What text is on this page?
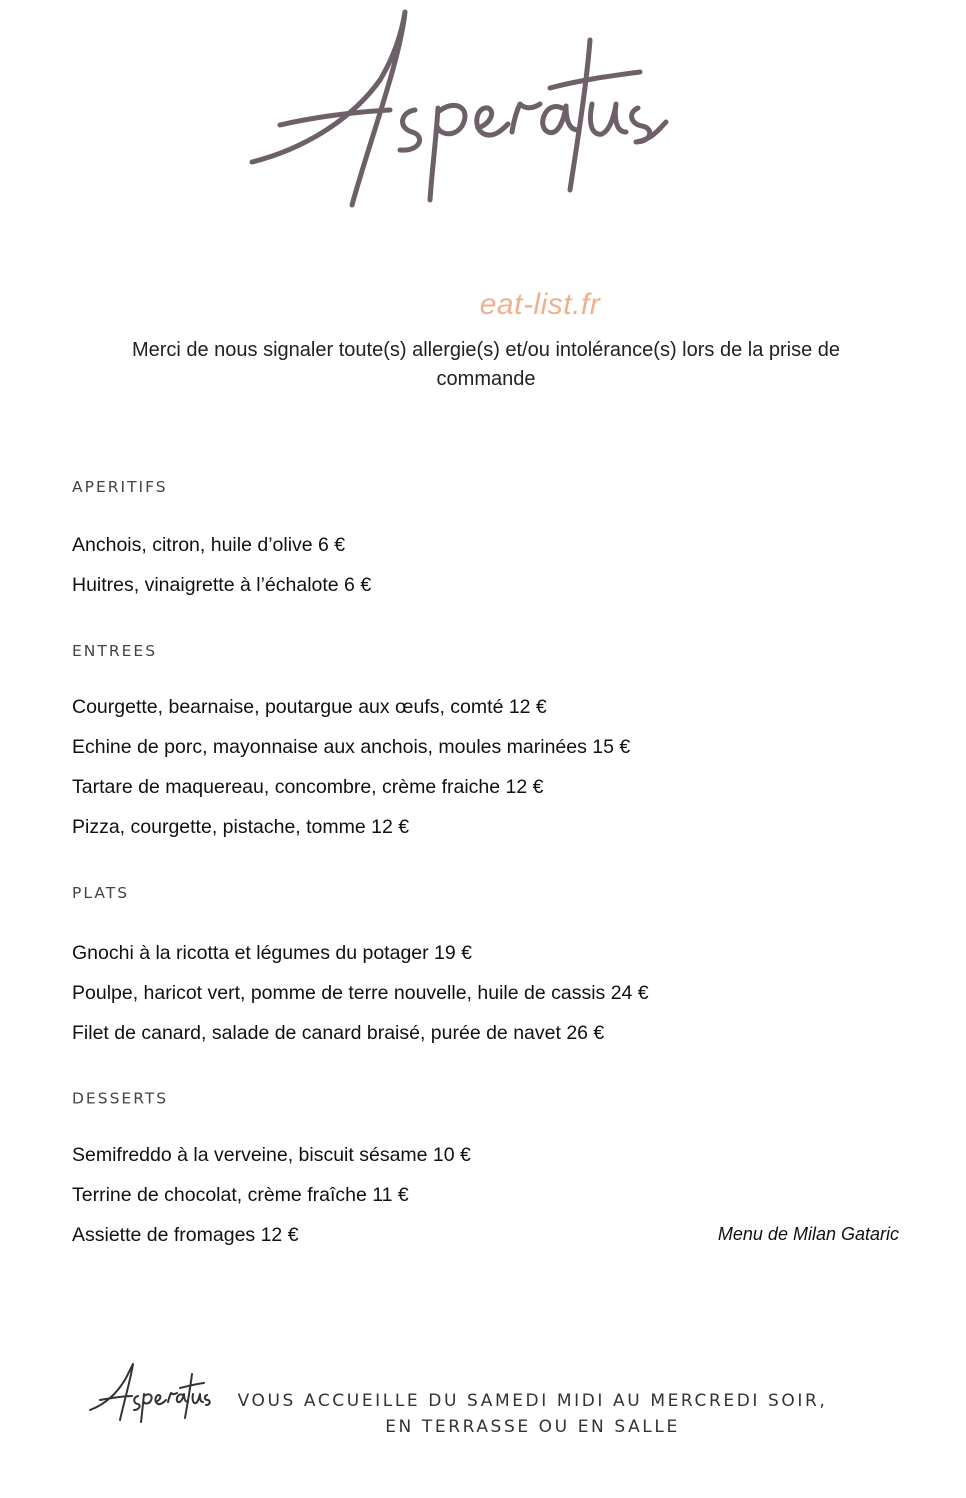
eat-list.fr
Merci de nous signaler toute(s) allergie(s) et/ou intolérance(s) lors de la prise de commande
APERITIFS
Anchois, citron, huile d’olive 6 €
Huitres, vinaigrette à l’échalote 6 €
ENTREES
Courgette, bearnaise, poutargue aux œufs, comté 12 €
Echine de porc, mayonnaise aux anchois, moules marinées 15 €
Tartare de maquereau, concombre, crème fraiche 12 €
Pizza, courgette, pistache, tomme 12 €
PLATS
Gnochi à la ricotta et légumes du potager 19 €
Poulpe, haricot vert, pomme de terre nouvelle, huile de cassis 24 €
Filet de canard, salade de canard braisé, purée de navet 26 €
DESSERTS
Semifreddo à la verveine, biscuit sésame 10 €
Terrine de chocolat, crème fraîche 11 €
Assiette de fromages 12 €	Menu de Milan Gataric
VOUS ACCUEILLE DU SAMEDI MIDI AU MERCREDI SOIR,
EN TERRASSE OU EN SALLE
